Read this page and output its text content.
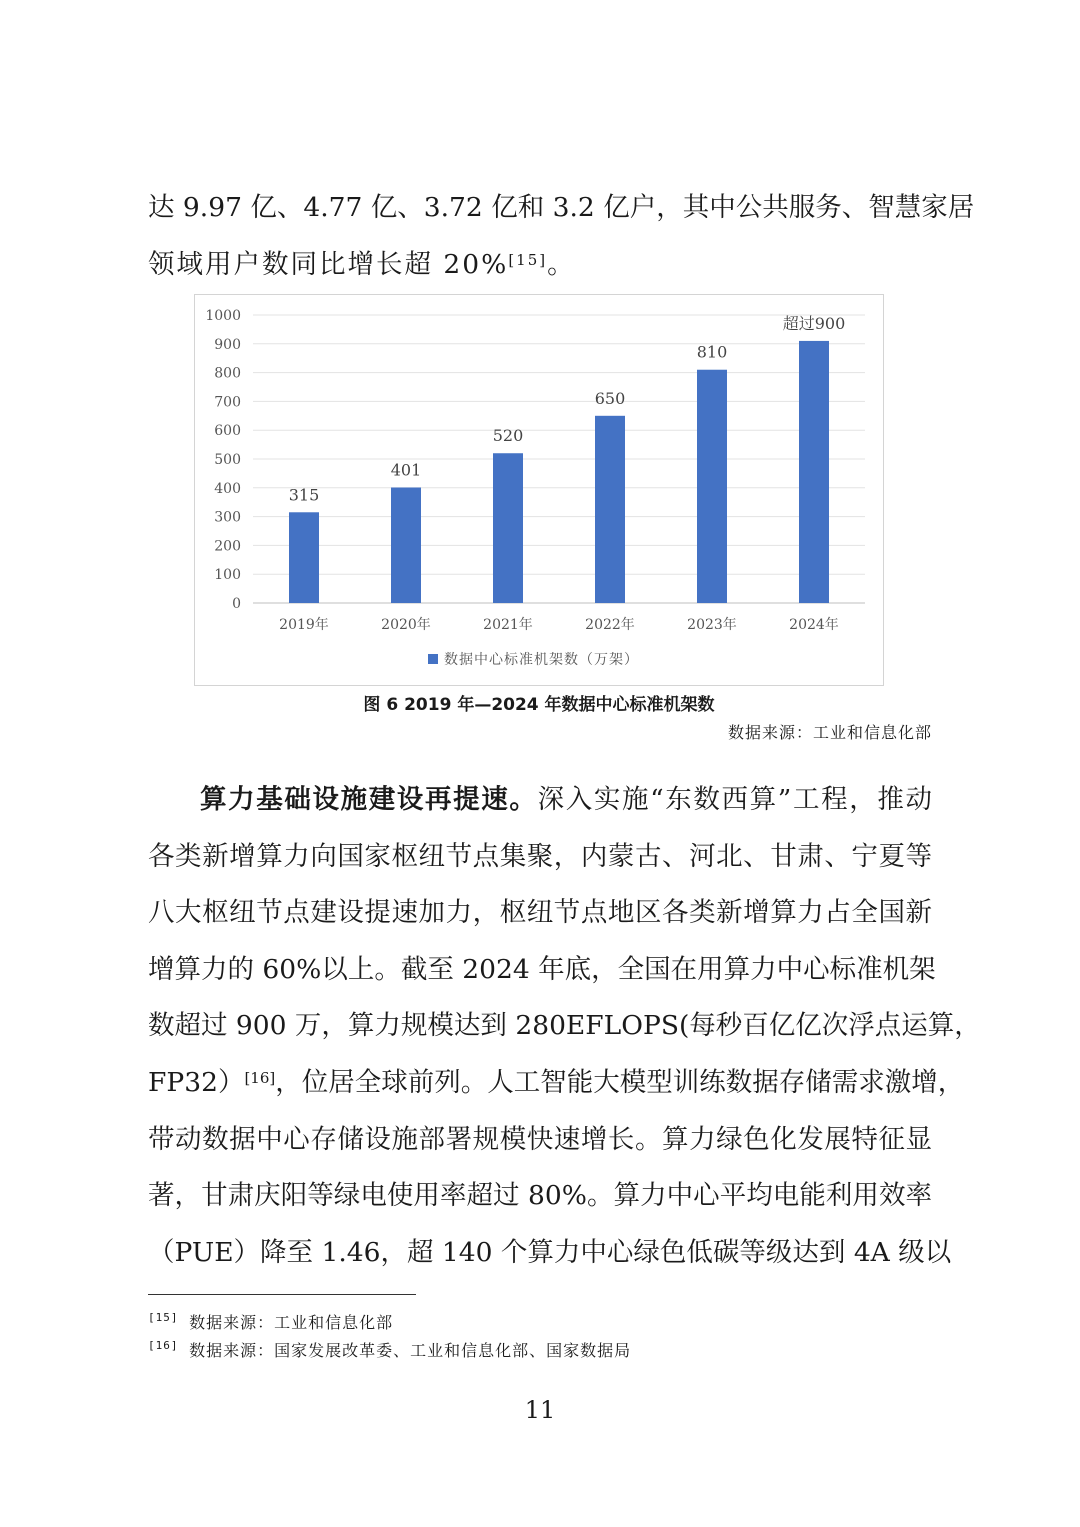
达 9.97 亿、4.77 亿、3.72 亿和 3.2 亿户，其中公共服务、智慧家居
领域用户数同比增长超 20%[15]。
0
100
200
300
400
500
600
700
800
900
1000
315
2019年
401
2020年
520
2021年
650
2022年
810
2023年
超过900
2024年
数据中心标准机架数（万架）
图 6 2019 年—2024 年数据中心标准机架数
数据来源：工业和信息化部
算力基础设施建设再提速。深入实施“东数西算”工程，推动
各类新增算力向国家枢纽节点集聚，内蒙古、河北、甘肃、宁夏等
八大枢纽节点建设提速加力，枢纽节点地区各类新增算力占全国新
增算力的 60%以上。截至 2024 年底，全国在用算力中心标准机架
数超过 900 万，算力规模达到 280EFLOPS(每秒百亿亿次浮点运算，
FP32）[16] ，位居全球前列。人工智能大模型训练数据存储需求激增，
带动数据中心存储设施部署规模快速增长。算力绿色化发展特征显
著，甘肃庆阳等绿电使用率超过 80%。算力中心平均电能利用效率
（PUE）降至 1.46，超 140 个算力中心绿色低碳等级达到 4A 级以
[15] 数据来源：工业和信息化部
[16] 数据来源：国家发展改革委、工业和信息化部、国家数据局
11
